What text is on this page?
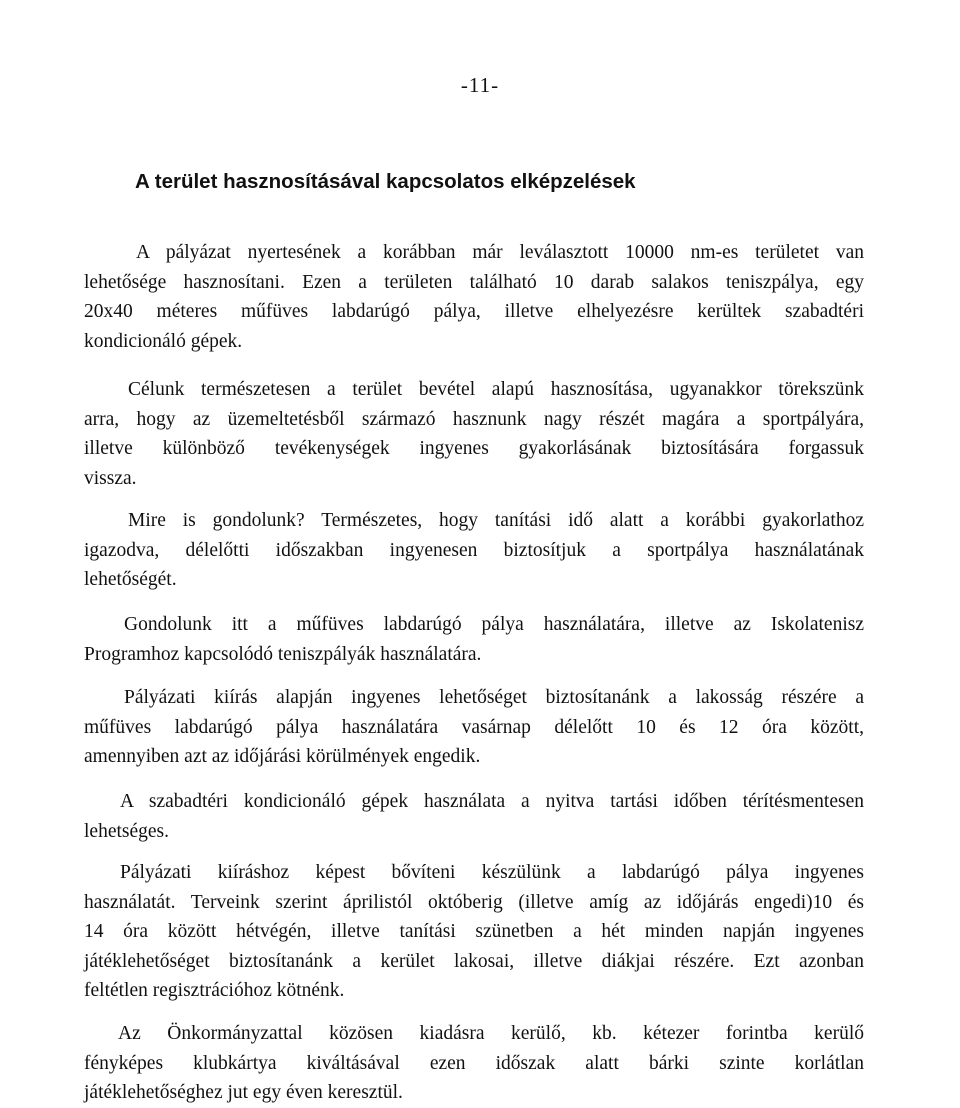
-11-
A terület hasznosításával kapcsolatos elképzelések
A pályázat nyertesének a korábban már leválasztott 10000 nm-es területet van
lehetősége hasznosítani. Ezen a területen található 10 darab salakos teniszpálya, egy
20x40 méteres műfüves labdarúgó pálya, illetve elhelyezésre kerültek szabadtéri
kondicionáló gépek.
Célunk természetesen a terület bevétel alapú hasznosítása, ugyanakkor törekszünk
arra, hogy az üzemeltetésből származó hasznunk nagy részét magára a sportpályára,
illetve különböző tevékenységek ingyenes gyakorlásának biztosítására forgassuk
vissza.
Mire is gondolunk? Természetes, hogy tanítási idő alatt a korábbi gyakorlathoz
igazodva, délelőtti időszakban ingyenesen biztosítjuk a sportpálya használatának
lehetőségét.
Gondolunk itt a műfüves labdarúgó pálya használatára, illetve az Iskolatenisz
Programhoz kapcsolódó teniszpályák használatára.
Pályázati kiírás alapján ingyenes lehetőséget biztosítanánk a lakosság részére a
műfüves labdarúgó pálya használatára vasárnap délelőtt 10 és 12 óra között,
amennyiben azt az időjárási körülmények engedik.
A szabadtéri kondicionáló gépek használata a nyitva tartási időben térítésmentesen
lehetséges.
Pályázati kiíráshoz képest bővíteni készülünk a labdarúgó pálya ingyenes
használatát. Terveink szerint áprilistól októberig (illetve amíg az időjárás engedi)10 és
14 óra között hétvégén, illetve tanítási szünetben a hét minden napján ingyenes
játéklehetőséget biztosítanánk a kerület lakosai, illetve diákjai részére. Ezt azonban
feltétlen regisztrációhoz kötnénk.
Az Önkormányzattal közösen kiadásra kerülő, kb. kétezer forintba kerülő
fényképes klubkártya kiváltásával ezen időszak alatt bárki szinte korlátlan
játéklehetőséghez jut egy éven keresztül.
